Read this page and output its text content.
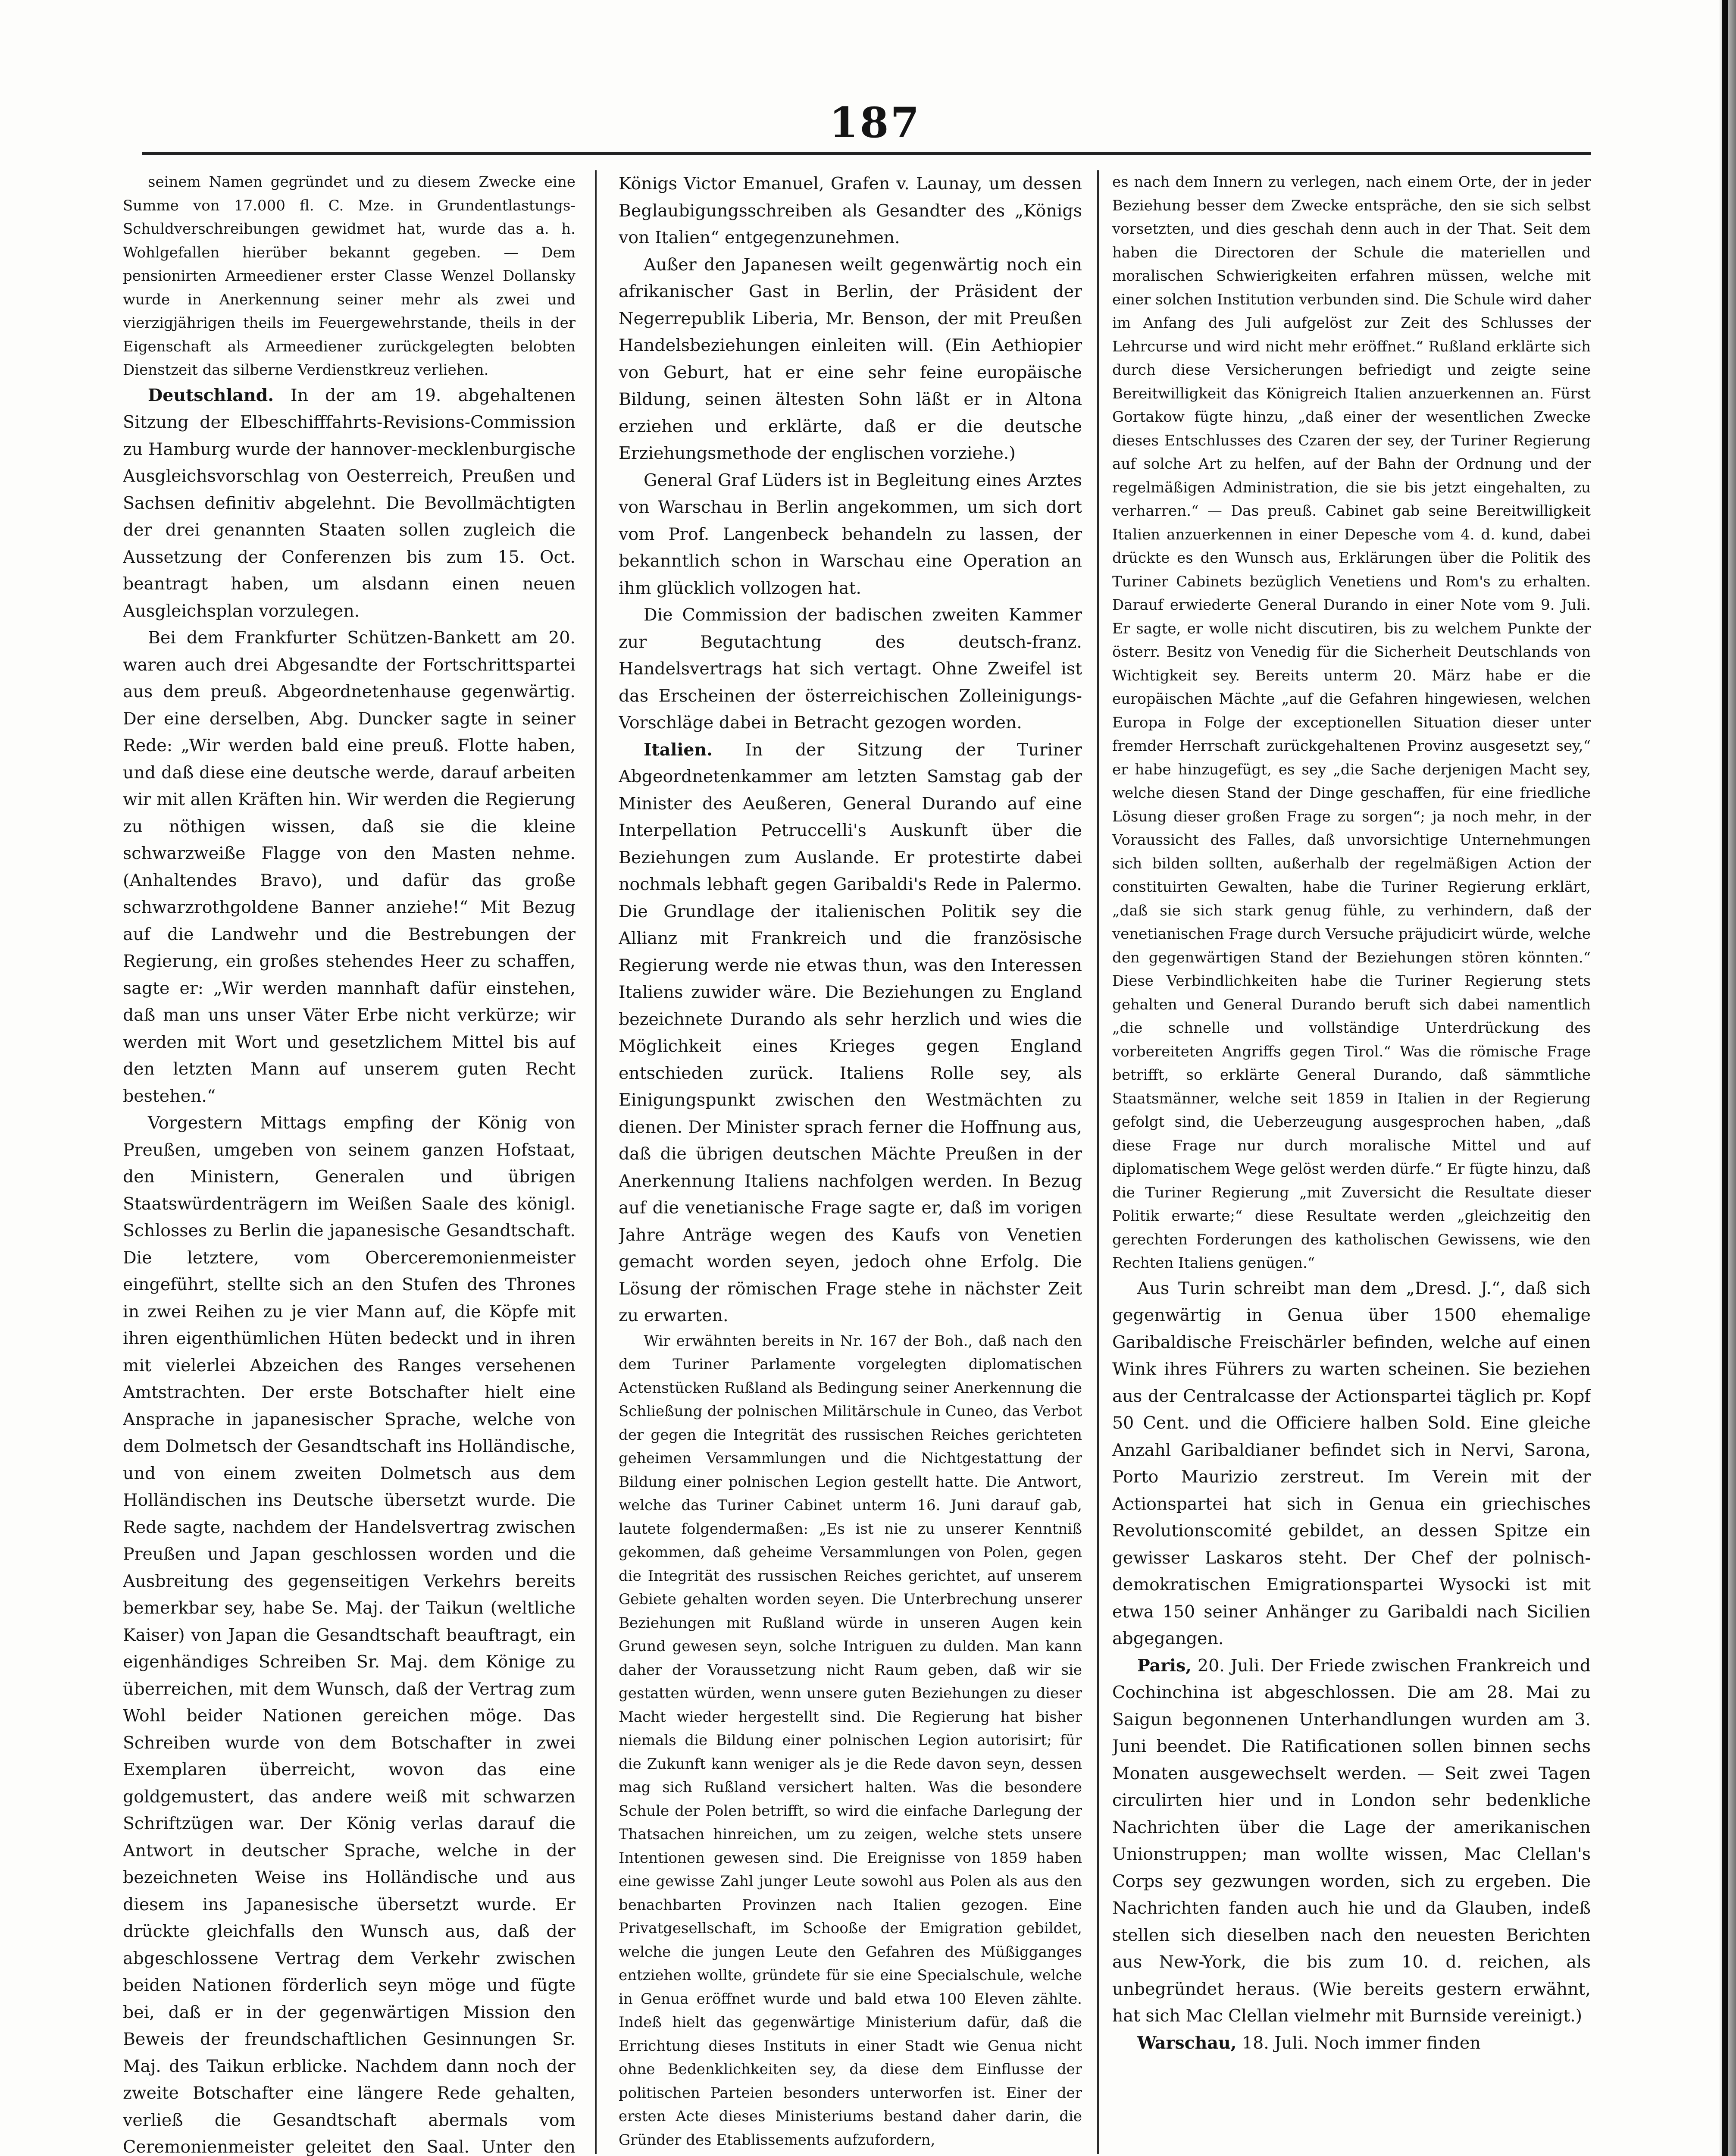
187

seinem Namen gegründet und zu diesem Zwecke eine Summe von 17.000 fl. C. Mze. in Grundentlastungs-Schuldverschreibungen gewidmet hat, wurde das a. h. Wohlgefallen hierüber bekannt gegeben. — Dem pensionirten Armeediener erster Classe Wenzel Dollansky wurde in Anerkennung seiner mehr als zwei und vierzigjährigen theils im Feuergewehrstande, theils in der Eigenschaft als Armeediener zurückgelegten belobten Dienstzeit das silberne Verdienstkreuz verliehen.

Deutschland. In der am 19. abgehaltenen Sitzung der Elbeschifffahrts-Revisions-Commission zu Hamburg wurde der hannover-mecklenburgische Ausgleichsvorschlag von Oesterreich, Preußen und Sachsen definitiv abgelehnt. Die Bevollmächtigten der drei genannten Staaten sollen zugleich die Aussetzung der Conferenzen bis zum 15. Oct. beantragt haben, um alsdann einen neuen Ausgleichsplan vorzulegen.

Bei dem Frankfurter Schützen-Bankett am 20. waren auch drei Abgesandte der Fortschrittspartei aus dem preuß. Abgeordnetenhause gegenwärtig. Der eine derselben, Abg. Duncker sagte in seiner Rede: „Wir werden bald eine preuß. Flotte haben, und daß diese eine deutsche werde, darauf arbeiten wir mit allen Kräften hin. Wir werden die Regierung zu nöthigen wissen, daß sie die kleine schwarzweiße Flagge von den Masten nehme. (Anhaltendes Bravo), und dafür das große schwarzrothgoldene Banner anziehe!“ Mit Bezug auf die Landwehr und die Bestrebungen der Regierung, ein großes stehendes Heer zu schaffen, sagte er: „Wir werden mannhaft dafür einstehen, daß man uns unser Väter Erbe nicht verkürze; wir werden mit Wort und gesetzlichem Mittel bis auf den letzten Mann auf unserem guten Recht bestehen.“

Vorgestern Mittags empfing der König von Preußen, umgeben von seinem ganzen Hofstaat, den Ministern, Generalen und übrigen Staatswürdenträgern im Weißen Saale des königl. Schlosses zu Berlin die japanesische Gesandtschaft. Die letztere, vom Oberceremonienmeister eingeführt, stellte sich an den Stufen des Thrones in zwei Reihen zu je vier Mann auf, die Köpfe mit ihren eigenthümlichen Hüten bedeckt und in ihren mit vielerlei Abzeichen des Ranges versehenen Amtstrachten. Der erste Botschafter hielt eine Ansprache in japanesischer Sprache, welche von dem Dolmetsch der Gesandtschaft ins Holländische, und von einem zweiten Dolmetsch aus dem Holländischen ins Deutsche übersetzt wurde. Die Rede sagte, nachdem der Handelsvertrag zwischen Preußen und Japan geschlossen worden und die Ausbreitung des gegenseitigen Verkehrs bereits bemerkbar sey, habe Se. Maj. der Taikun (weltliche Kaiser) von Japan die Gesandtschaft beauftragt, ein eigenhändiges Schreiben Sr. Maj. dem Könige zu überreichen, mit dem Wunsch, daß der Vertrag zum Wohl beider Nationen gereichen möge. Das Schreiben wurde von dem Botschafter in zwei Exemplaren überreicht, wovon das eine goldgemustert, das andere weiß mit schwarzen Schriftzügen war. Der König verlas darauf die Antwort in deutscher Sprache, welche in der bezeichneten Weise ins Holländische und aus diesem ins Japanesische übersetzt wurde. Er drückte gleichfalls den Wunsch aus, daß der abgeschlossene Vertrag dem Verkehr zwischen beiden Nationen förderlich seyn möge und fügte bei, daß er in der gegenwärtigen Mission den Beweis der freundschaftlichen Gesinnungen Sr. Maj. des Taikun erblicke. Nachdem dann noch der zweite Botschafter eine längere Rede gehalten, verließ die Gesandtschaft abermals vom Ceremonienmeister geleitet den Saal. Unter den

Königs Victor Emanuel, Grafen v. Launay, um dessen Beglaubigungsschreiben als Gesandter des „Königs von Italien“ entgegenzunehmen.

Außer den Japanesen weilt gegenwärtig noch ein afrikanischer Gast in Berlin, der Präsident der Negerrepublik Liberia, Mr. Benson, der mit Preußen Handelsbeziehungen einleiten will. (Ein Aethiopier von Geburt, hat er eine sehr feine europäische Bildung, seinen ältesten Sohn läßt er in Altona erziehen und erklärte, daß er die deutsche Erziehungsmethode der englischen vorziehe.)

General Graf Lüders ist in Begleitung eines Arztes von Warschau in Berlin angekommen, um sich dort vom Prof. Langenbeck behandeln zu lassen, der bekanntlich schon in Warschau eine Operation an ihm glücklich vollzogen hat.

Die Commission der badischen zweiten Kammer zur Begutachtung des deutsch-franz. Handelsvertrags hat sich vertagt. Ohne Zweifel ist das Erscheinen der österreichischen Zolleinigungs-Vorschläge dabei in Betracht gezogen worden.

Italien. In der Sitzung der Turiner Abgeordnetenkammer am letzten Samstag gab der Minister des Aeußeren, General Durando auf eine Interpellation Petruccelli's Auskunft über die Beziehungen zum Auslande. Er protestirte dabei nochmals lebhaft gegen Garibaldi's Rede in Palermo. Die Grundlage der italienischen Politik sey die Allianz mit Frankreich und die französische Regierung werde nie etwas thun, was den Interessen Italiens zuwider wäre. Die Beziehungen zu England bezeichnete Durando als sehr herzlich und wies die Möglichkeit eines Krieges gegen England entschieden zurück. Italiens Rolle sey, als Einigungspunkt zwischen den Westmächten zu dienen. Der Minister sprach ferner die Hoffnung aus, daß die übrigen deutschen Mächte Preußen in der Anerkennung Italiens nachfolgen werden. In Bezug auf die venetianische Frage sagte er, daß im vorigen Jahre Anträge wegen des Kaufs von Venetien gemacht worden seyen, jedoch ohne Erfolg. Die Lösung der römischen Frage stehe in nächster Zeit zu erwarten.

Wir erwähnten bereits in Nr. 167 der Boh., daß nach den dem Turiner Parlamente vorgelegten diplomatischen Actenstücken Rußland als Bedingung seiner Anerkennung die Schließung der polnischen Militärschule in Cuneo, das Verbot der gegen die Integrität des russischen Reiches gerichteten geheimen Versammlungen und die Nichtgestattung der Bildung einer polnischen Legion gestellt hatte. Die Antwort, welche das Turiner Cabinet unterm 16. Juni darauf gab, lautete folgendermaßen: „Es ist nie zu unserer Kenntniß gekommen, daß geheime Versammlungen von Polen, gegen die Integrität des russischen Reiches gerichtet, auf unserem Gebiete gehalten worden seyen. Die Unterbrechung unserer Beziehungen mit Rußland würde in unseren Augen kein Grund gewesen seyn, solche Intriguen zu dulden. Man kann daher der Voraussetzung nicht Raum geben, daß wir sie gestatten würden, wenn unsere guten Beziehungen zu dieser Macht wieder hergestellt sind. Die Regierung hat bisher niemals die Bildung einer polnischen Legion autorisirt; für die Zukunft kann weniger als je die Rede davon seyn, dessen mag sich Rußland versichert halten. Was die besondere Schule der Polen betrifft, so wird die einfache Darlegung der Thatsachen hinreichen, um zu zeigen, welche stets unsere Intentionen gewesen sind. Die Ereignisse von 1859 haben eine gewisse Zahl junger Leute sowohl aus Polen als aus den benachbarten Provinzen nach Italien gezogen. Eine Privatgesellschaft, im Schooße der Emigration gebildet, welche die jungen Leute den Gefahren des Müßigganges entziehen wollte, gründete für sie eine Specialschule, welche in Genua eröffnet wurde und bald etwa 100 Eleven zählte. Indeß hielt das gegenwärtige Ministerium dafür, daß die Errichtung dieses Instituts in einer Stadt wie Genua nicht ohne Bedenklichkeiten sey, da diese dem Einflusse der politischen Parteien besonders unterworfen ist. Einer der ersten Acte dieses Ministeriums bestand daher darin, die Gründer des Etablissements aufzufordern,

es nach dem Innern zu verlegen, nach einem Orte, der in jeder Beziehung besser dem Zwecke entspräche, den sie sich selbst vorsetzten, und dies geschah denn auch in der That. Seit dem haben die Directoren der Schule die materiellen und moralischen Schwierigkeiten erfahren müssen, welche mit einer solchen Institution verbunden sind. Die Schule wird daher im Anfang des Juli aufgelöst zur Zeit des Schlusses der Lehrcurse und wird nicht mehr eröffnet.“ Rußland erklärte sich durch diese Versicherungen befriedigt und zeigte seine Bereitwilligkeit das Königreich Italien anzuerkennen an. Fürst Gortakow fügte hinzu, „daß einer der wesentlichen Zwecke dieses Entschlusses des Czaren der sey, der Turiner Regierung auf solche Art zu helfen, auf der Bahn der Ordnung und der regelmäßigen Administration, die sie bis jetzt eingehalten, zu verharren.“ — Das preuß. Cabinet gab seine Bereitwilligkeit Italien anzuerkennen in einer Depesche vom 4. d. kund, dabei drückte es den Wunsch aus, Erklärungen über die Politik des Turiner Cabinets bezüglich Venetiens und Rom's zu erhalten. Darauf erwiederte General Durando in einer Note vom 9. Juli. Er sagte, er wolle nicht discutiren, bis zu welchem Punkte der österr. Besitz von Venedig für die Sicherheit Deutschlands von Wichtigkeit sey. Bereits unterm 20. März habe er die europäischen Mächte „auf die Gefahren hingewiesen, welchen Europa in Folge der exceptionellen Situation dieser unter fremder Herrschaft zurückgehaltenen Provinz ausgesetzt sey,“ er habe hinzugefügt, es sey „die Sache derjenigen Macht sey, welche diesen Stand der Dinge geschaffen, für eine friedliche Lösung dieser großen Frage zu sorgen“; ja noch mehr, in der Voraussicht des Falles, daß unvorsichtige Unternehmungen sich bilden sollten, außerhalb der regelmäßigen Action der constituirten Gewalten, habe die Turiner Regierung erklärt, „daß sie sich stark genug fühle, zu verhindern, daß der venetianischen Frage durch Versuche präjudicirt würde, welche den gegenwärtigen Stand der Beziehungen stören könnten.“ Diese Verbindlichkeiten habe die Turiner Regierung stets gehalten und General Durando beruft sich dabei namentlich „die schnelle und vollständige Unterdrückung des vorbereiteten Angriffs gegen Tirol.“ Was die römische Frage betrifft, so erklärte General Durando, daß sämmtliche Staatsmänner, welche seit 1859 in Italien in der Regierung gefolgt sind, die Ueberzeugung ausgesprochen haben, „daß diese Frage nur durch moralische Mittel und auf diplomatischem Wege gelöst werden dürfe.“ Er fügte hinzu, daß die Turiner Regierung „mit Zuversicht die Resultate dieser Politik erwarte;“ diese Resultate werden „gleichzeitig den gerechten Forderungen des katholischen Gewissens, wie den Rechten Italiens genügen.“

Aus Turin schreibt man dem „Dresd. J.“, daß sich gegenwärtig in Genua über 1500 ehemalige Garibaldische Freischärler befinden, welche auf einen Wink ihres Führers zu warten scheinen. Sie beziehen aus der Centralcasse der Actionspartei täglich pr. Kopf 50 Cent. und die Officiere halben Sold. Eine gleiche Anzahl Garibaldianer befindet sich in Nervi, Sarona, Porto Maurizio zerstreut. Im Verein mit der Actionspartei hat sich in Genua ein griechisches Revolutionscomité gebildet, an dessen Spitze ein gewisser Laskaros steht. Der Chef der polnisch-demokratischen Emigrationspartei Wysocki ist mit etwa 150 seiner Anhänger zu Garibaldi nach Sicilien abgegangen.

Paris, 20. Juli. Der Friede zwischen Frankreich und Cochinchina ist abgeschlossen. Die am 28. Mai zu Saigun begonnenen Unterhandlungen wurden am 3. Juni beendet. Die Ratificationen sollen binnen sechs Monaten ausgewechselt werden. — Seit zwei Tagen circulirten hier und in London sehr bedenkliche Nachrichten über die Lage der amerikanischen Unionstruppen; man wollte wissen, Mac Clellan's Corps sey gezwungen worden, sich zu ergeben. Die Nachrichten fanden auch hie und da Glauben, indeß stellen sich dieselben nach den neuesten Berichten aus New-York, die bis zum 10. d. reichen, als unbegründet heraus. (Wie bereits gestern erwähnt, hat sich Mac Clellan vielmehr mit Burnside vereinigt.)

Warschau, 18. Juli. Noch immer finden
